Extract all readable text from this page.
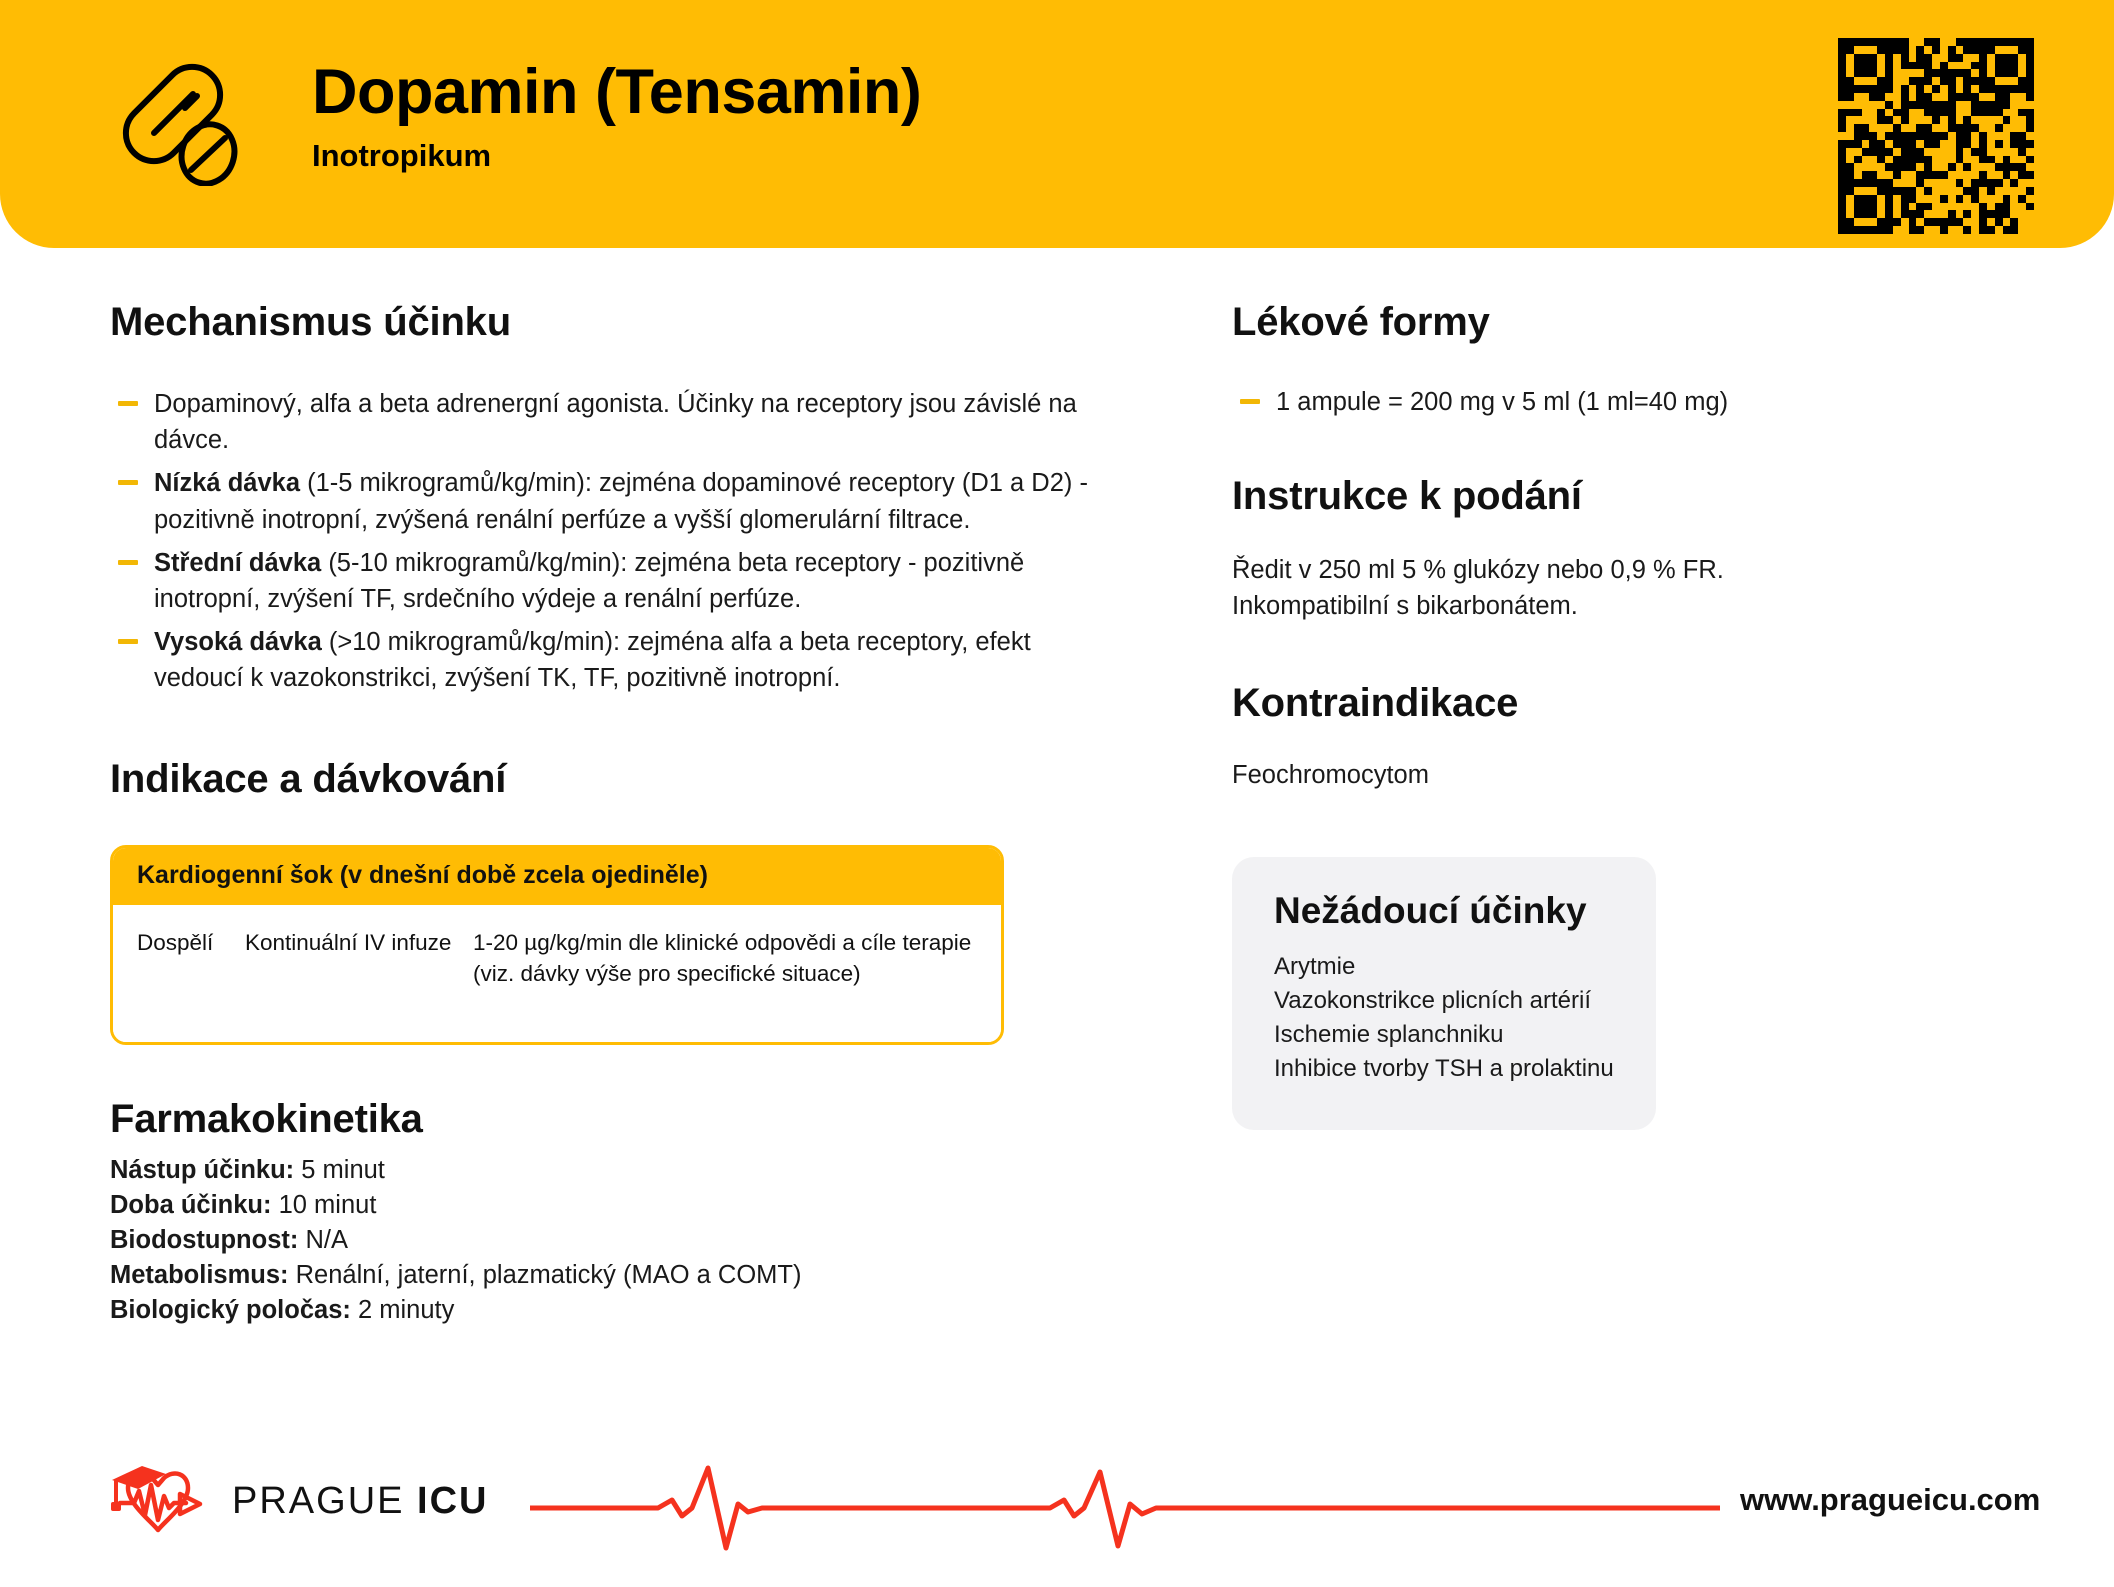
Dopamin (Tensamin)
Inotropikum
Mechanismus účinku
Dopaminový, alfa a beta adrenergní agonista. Účinky na receptory jsou závislé na dávce.
Nízká dávka (1-5 mikrogramů/kg/min): zejména dopaminové receptory (D1 a D2) - pozitivně inotropní, zvýšená renální perfúze a vyšší glomerulární filtrace.
Střední dávka (5-10 mikrogramů/kg/min): zejména beta receptory - pozitivně inotropní, zvýšení TF, srdečního výdeje a renální perfúze.
Vysoká dávka (>10 mikrogramů/kg/min): zejména alfa a beta receptory, efekt vedoucí k vazokonstrikci, zvýšení TK, TF, pozitivně inotropní.
Indikace a dávkování
Kardiogenní šok (v dnešní době zcela ojediněle)
Dospělí	Kontinuální IV infuze 1-20 µg/kg/min dle klinické odpovědi a cíle terapie
(viz. dávky výše pro specifické situace)
Farmakokinetika
Nástup účinku: 5 minut
Doba účinku: 10 minut
Biodostupnost: N/A
Metabolismus: Renální, jaterní, plazmatický (MAO a COMT)
Biologický poločas: 2 minuty
Lékové formy
1 ampule = 200 mg v 5 ml (1 ml=40 mg)
Instrukce k podání
Ředit v 250 ml 5 % glukózy nebo 0,9 % FR. Inkompatibilní s bikarbonátem.
Kontraindikace
Feochromocytom
Nežádoucí účinky
Arytmie
Vazokonstrikce plicních artérií
Ischemie splanchniku
Inhibice tvorby TSH a prolaktinu
PRAGUE ICU	www.pragueicu.com
